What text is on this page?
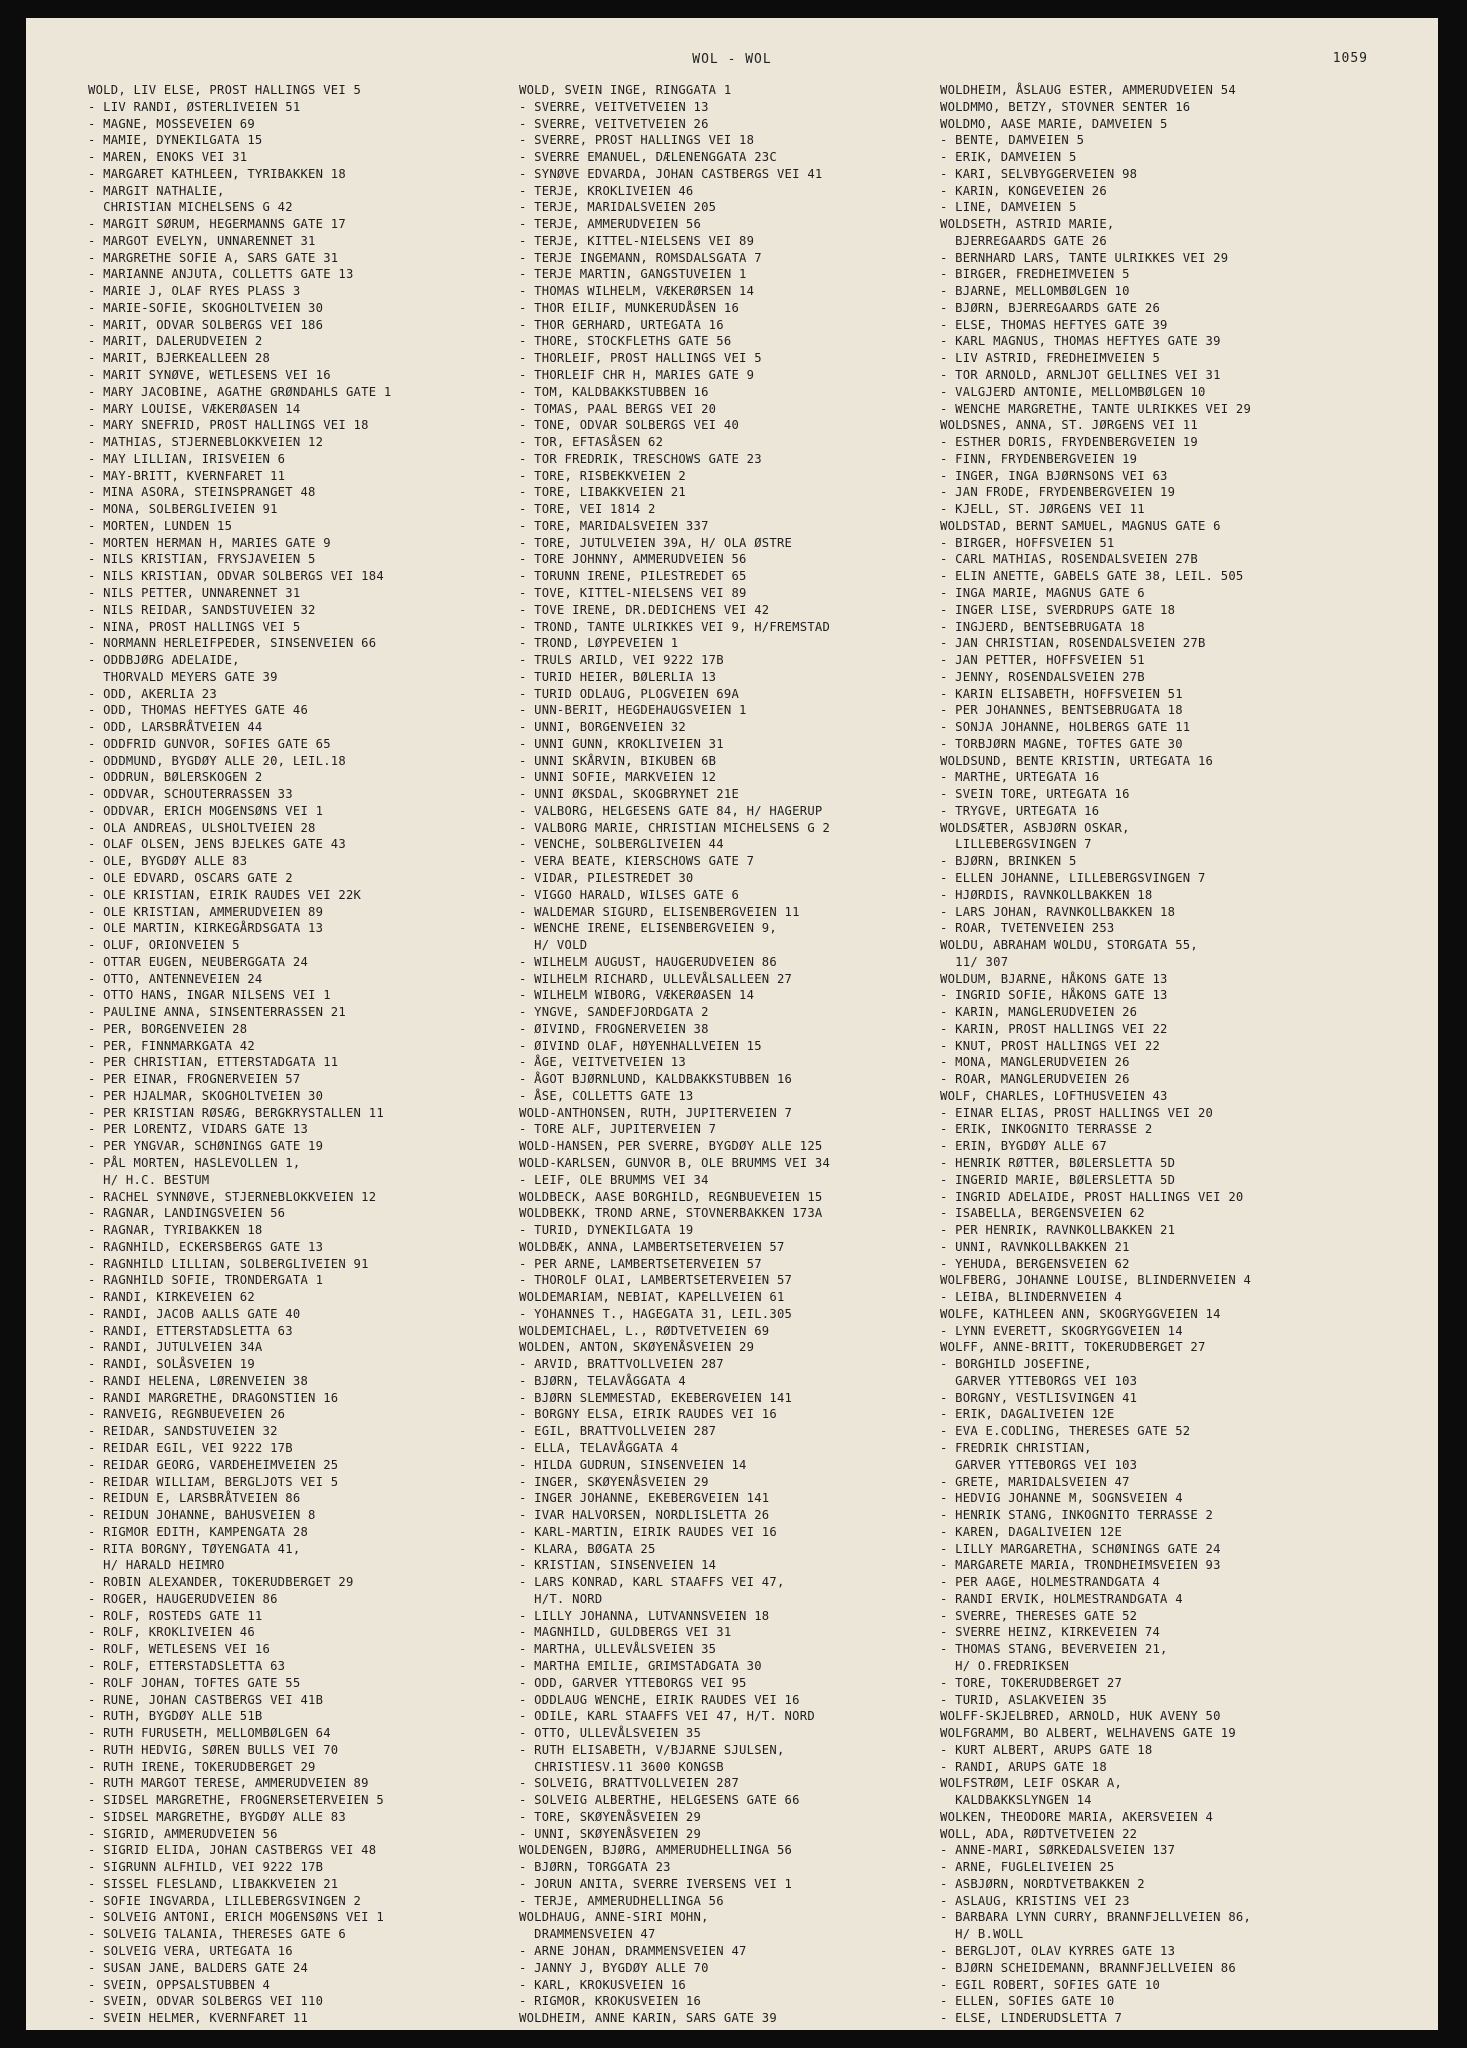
WOL - WOL	1059
WOLD, LIV ELSE, PROST HALLINGS VEI 5
- LIV RANDI, ØSTERLIVEIEN 51
- MAGNE, MOSSEVEIEN 69
- MAMIE, DYNEKILGATA 15
- MAREN, ENOKS VEI 31
- MARGARET KATHLEEN, TYRIBAKKEN 18
- MARGIT NATHALIE,
CHRISTIAN MICHELSENS G 42
- MARGIT SØRUM, HEGERMANNS GATE 17
- MARGOT EVELYN, UNNARENNET 31
- MARGRETHE SOFIE A, SARS GATE 31
- MARIANNE ANJUTA, COLLETTS GATE 13
- MARIE J, OLAF RYES PLASS 3
- MARIE-SOFIE, SKOGHOLTVEIEN 30
- MARIT, ODVAR SOLBERGS VEI 186
- MARIT, DALERUDVEIEN 2
- MARIT, BJERKEALLEEN 28
- MARIT SYNØVE, WETLESENS VEI 16
- MARY JACOBINE, AGATHE GRØNDAHLS GATE 1
- MARY LOUISE, VÆKERØASEN 14
- MARY SNEFRID, PROST HALLINGS VEI 18
- MATHIAS, STJERNEBLOKKVEIEN 12
- MAY LILLIAN, IRISVEIEN 6
- MAY-BRITT, KVERNFARET 11
- MINA ASORA, STEINSPRANGET 48
- MONA, SOLBERGLIVEIEN 91
- MORTEN, LUNDEN 15
- MORTEN HERMAN H, MARIES GATE 9
- NILS KRISTIAN, FRYSJAVEIEN 5
- NILS KRISTIAN, ODVAR SOLBERGS VEI 184
- NILS PETTER, UNNARENNET 31
- NILS REIDAR, SANDSTUVEIEN 32
- NINA, PROST HALLINGS VEI 5
- NORMANN HERLEIFPEDER, SINSENVEIEN 66
- ODDBJØRG ADELAIDE,
THORVALD MEYERS GATE 39
- ODD, AKERLIA 23
- ODD, THOMAS HEFTYES GATE 46
- ODD, LARSBRÅTVEIEN 44
- ODDFRID GUNVOR, SOFIES GATE 65
- ODDMUND, BYGDØY ALLE 20, LEIL.18
- ODDRUN, BØLERSKOGEN 2
- ODDVAR, SCHOUTERRASSEN 33
- ODDVAR, ERICH MOGENSØNS VEI 1
- OLA ANDREAS, ULSHOLTVEIEN 28
- OLAF OLSEN, JENS BJELKES GATE 43
- OLE, BYGDØY ALLE 83
- OLE EDVARD, OSCARS GATE 2
- OLE KRISTIAN, EIRIK RAUDES VEI 22K
- OLE KRISTIAN, AMMERUDVEIEN 89
- OLE MARTIN, KIRKEGÅRDSGATA 13
- OLUF, ORIONVEIEN 5
- OTTAR EUGEN, NEUBERGGATA 24
- OTTO, ANTENNEVEIEN 24
- OTTO HANS, INGAR NILSENS VEI 1
- PAULINE ANNA, SINSENTERRASSEN 21
- PER, BORGENVEIEN 28
- PER, FINNMARKGATA 42
- PER CHRISTIAN, ETTERSTADGATA 11
- PER EINAR, FROGNERVEIEN 57
- PER HJALMAR, SKOGHOLTVEIEN 30
- PER KRISTIAN RØSÆG, BERGKRYSTALLEN 11
- PER LORENTZ, VIDARS GATE 13
- PER YNGVAR, SCHØNINGS GATE 19
- PÅL MORTEN, HASLEVOLLEN 1,
H/ H.C. BESTUM
- RACHEL SYNNØVE, STJERNEBLOKKVEIEN 12
- RAGNAR, LANDINGSVEIEN 56
- RAGNAR, TYRIBAKKEN 18
- RAGNHILD, ECKERSBERGS GATE 13
- RAGNHILD LILLIAN, SOLBERGLIVEIEN 91
- RAGNHILD SOFIE, TRONDERGATA 1
- RANDI, KIRKEVEIEN 62
- RANDI, JACOB AALLS GATE 40
- RANDI, ETTERSTADSLETTA 63
- RANDI, JUTULVEIEN 34A
- RANDI, SOLÅSVEIEN 19
- RANDI HELENA, LØRENVEIEN 38
- RANDI MARGRETHE, DRAGONSTIEN 16
- RANVEIG, REGNBUEVEIEN 26
- REIDAR, SANDSTUVEIEN 32
- REIDAR EGIL, VEI 9222 17B
- REIDAR GEORG, VARDEHEIMVEIEN 25
- REIDAR WILLIAM, BERGLJOTS VEI 5
- REIDUN E, LARSBRÅTVEIEN 86
- REIDUN JOHANNE, BAHUSVEIEN 8
- RIGMOR EDITH, KAMPENGATA 28
- RITA BORGNY, TØYENGATA 41,
H/ HARALD HEIMRO
- ROBIN ALEXANDER, TOKERUDBERGET 29
- ROGER, HAUGERUDVEIEN 86
- ROLF, ROSTEDS GATE 11
- ROLF, KROKLIVEIEN 46
- ROLF, WETLESENS VEI 16
- ROLF, ETTERSTADSLETTA 63
- ROLF JOHAN, TOFTES GATE 55
- RUNE, JOHAN CASTBERGS VEI 41B
- RUTH, BYGDØY ALLE 51B
- RUTH FURUSETH, MELLOMBØLGEN 64
- RUTH HEDVIG, SØREN BULLS VEI 70
- RUTH IRENE, TOKERUDBERGET 29
- RUTH MARGOT TERESE, AMMERUDVEIEN 89
- SIDSEL MARGRETHE, FROGNERSETERVEIEN 5
- SIDSEL MARGRETHE, BYGDØY ALLE 83
- SIGRID, AMMERUDVEIEN 56
- SIGRID ELIDA, JOHAN CASTBERGS VEI 48
- SIGRUNN ALFHILD, VEI 9222 17B
- SISSEL FLESLAND, LIBAKKVEIEN 21
- SOFIE INGVARDA, LILLEBERGSVINGEN 2
- SOLVEIG ANTONI, ERICH MOGENSØNS VEI 1
- SOLVEIG TALANIA, THERESES GATE 6
- SOLVEIG VERA, URTEGATA 16
- SUSAN JANE, BALDERS GATE 24
- SVEIN, OPPSALSTUBBEN 4
- SVEIN, ODVAR SOLBERGS VEI 110
- SVEIN HELMER, KVERNFARET 11
WOLD, SVEIN INGE, RINGGATA 1
- SVERRE, VEITVETVEIEN 13
- SVERRE, VEITVETVEIEN 26
- SVERRE, PROST HALLINGS VEI 18
- SVERRE EMANUEL, DÆLENENGGATA 23C
- SYNØVE EDVARDA, JOHAN CASTBERGS VEI 41
- TERJE, KROKLIVEIEN 46
- TERJE, MARIDALSVEIEN 205
- TERJE, AMMERUDVEIEN 56
- TERJE, KITTEL-NIELSENS VEI 89
- TERJE INGEMANN, ROMSDALSGATA 7
- TERJE MARTIN, GANGSTUVEIEN 1
- THOMAS WILHELM, VÆKERØRSEN 14
- THOR EILIF, MUNKERUDÅSEN 16
- THOR GERHARD, URTEGATA 16
- THORE, STOCKFLETHS GATE 56
- THORLEIF, PROST HALLINGS VEI 5
- THORLEIF CHR H, MARIES GATE 9
- TOM, KALDBAKKSTUBBEN 16
- TOMAS, PAAL BERGS VEI 20
- TONE, ODVAR SOLBERGS VEI 40
- TOR, EFTASÅSEN 62
- TOR FREDRIK, TRESCHOWS GATE 23
- TORE, RISBEKKVEIEN 2
- TORE, LIBAKKVEIEN 21
- TORE, VEI 1814 2
- TORE, MARIDALSVEIEN 337
- TORE, JUTULVEIEN 39A, H/ OLA ØSTRE
- TORE JOHNNY, AMMERUDVEIEN 56
- TORUNN IRENE, PILESTREDET 65
- TOVE, KITTEL-NIELSENS VEI 89
- TOVE IRENE, DR.DEDICHENS VEI 42
- TROND, TANTE ULRIKKES VEI 9, H/FREMSTAD
- TROND, LØYPEVEIEN 1
- TRULS ARILD, VEI 9222 17B
- TURID HEIER, BØLERLIA 13
- TURID ODLAUG, PLOGVEIEN 69A
- UNN-BERIT, HEGDEHAUGSVEIEN 1
- UNNI, BORGENVEIEN 32
- UNNI GUNN, KROKLIVEIEN 31
- UNNI SKÅRVIN, BIKUBEN 6B
- UNNI SOFIE, MARKVEIEN 12
- UNNI ØKSDAL, SKOGBRYNET 21E
- VALBORG, HELGESENS GATE 84, H/ HAGERUP
- VALBORG MARIE, CHRISTIAN MICHELSENS G 2
- VENCHE, SOLBERGLIVEIEN 44
- VERA BEATE, KIERSCHOWS GATE 7
- VIDAR, PILESTREDET 30
- VIGGO HARALD, WILSES GATE 6
- WALDEMAR SIGURD, ELISENBERGVEIEN 11
- WENCHE IRENE, ELISENBERGVEIEN 9,
H/ VOLD
- WILHELM AUGUST, HAUGERUDVEIEN 86
- WILHELM RICHARD, ULLEVÅLSALLEEN 27
- WILHELM WIBORG, VÆKERØASEN 14
- YNGVE, SANDEFJORDGATA 2
- ØIVIND, FROGNERVEIEN 38
- ØIVIND OLAF, HØYENHALLVEIEN 15
- ÅGE, VEITVETVEIEN 13
- ÅGOT BJØRNLUND, KALDBAKKSTUBBEN 16
- ÅSE, COLLETTS GATE 13
WOLD-ANTHONSEN, RUTH, JUPITERVEIEN 7
- TORE ALF, JUPITERVEIEN 7
WOLD-HANSEN, PER SVERRE, BYGDØY ALLE 125
WOLD-KARLSEN, GUNVOR B, OLE BRUMMS VEI 34
- LEIF, OLE BRUMMS VEI 34
WOLDBECK, AASE BORGHILD, REGNBUEVEIEN 15
WOLDBEKK, TROND ARNE, STOVNERBAKKEN 173A
- TURID, DYNEKILGATA 19
WOLDBÆK, ANNA, LAMBERTSETERVEIEN 57
- PER ARNE, LAMBERTSETERVEIEN 57
- THOROLF OLAI, LAMBERTSETERVEIEN 57
WOLDEMARIAM, NEBIAT, KAPELLVEIEN 61
- YOHANNES T., HAGEGATA 31, LEIL.305
WOLDEMICHAEL, L., RØDTVETVEIEN 69
WOLDEN, ANTON, SKØYENÅSVEIEN 29
- ARVID, BRATTVOLLVEIEN 287
- BJØRN, TELAVÅGGATA 4
- BJØRN SLEMMESTAD, EKEBERGVEIEN 141
- BORGNY ELSA, EIRIK RAUDES VEI 16
- EGIL, BRATTVOLLVEIEN 287
- ELLA, TELAVÅGGATA 4
- HILDA GUDRUN, SINSENVEIEN 14
- INGER, SKØYENÅSVEIEN 29
- INGER JOHANNE, EKEBERGVEIEN 141
- IVAR HALVORSEN, NORDLISLETTA 26
- KARL-MARTIN, EIRIK RAUDES VEI 16
- KLARA, BØGATA 25
- KRISTIAN, SINSENVEIEN 14
- LARS KONRAD, KARL STAAFFS VEI 47,
H/T. NORD
- LILLY JOHANNA, LUTVANNSVEIEN 18
- MAGNHILD, GULDBERGS VEI 31
- MARTHA, ULLEVÅLSVEIEN 35
- MARTHA EMILIE, GRIMSTADGATA 30
- ODD, GARVER YTTEBORGS VEI 95
- ODDLAUG WENCHE, EIRIK RAUDES VEI 16
- ODILE, KARL STAAFFS VEI 47, H/T. NORD
- OTTO, ULLEVÅLSVEIEN 35
- RUTH ELISABETH, V/BJARNE SJULSEN,
CHRISTIESV.11 3600 KONGSB
- SOLVEIG, BRATTVOLLVEIEN 287
- SOLVEIG ALBERTHE, HELGESENS GATE 66
- TORE, SKØYENÅSVEIEN 29
- UNNI, SKØYENÅSVEIEN 29
WOLDENGEN, BJØRG, AMMERUDHELLINGA 56
- BJØRN, TORGGATA 23
- JORUN ANITA, SVERRE IVERSENS VEI 1
- TERJE, AMMERUDHELLINGA 56
WOLDHAUG, ANNE-SIRI MOHN,
DRAMMENSVEIEN 47
- ARNE JOHAN, DRAMMENSVEIEN 47
- JANNY J, BYGDØY ALLE 70
- KARL, KROKUSVEIEN 16
- RIGMOR, KROKUSVEIEN 16
WOLDHEIM, ANNE KARIN, SARS GATE 39
WOLDHEIM, ÅSLAUG ESTER, AMMERUDVEIEN 54
WOLDMMO, BETZY, STOVNER SENTER 16
WOLDMO, AASE MARIE, DAMVEIEN 5
- BENTE, DAMVEIEN 5
- ERIK, DAMVEIEN 5
- KARI, SELVBYGGERVEIEN 98
- KARIN, KONGEVEIEN 26
- LINE, DAMVEIEN 5
WOLDSETH, ASTRID MARIE,
BJERREGAARDS GATE 26
- BERNHARD LARS, TANTE ULRIKKES VEI 29
- BIRGER, FREDHEIMVEIEN 5
- BJARNE, MELLOMBØLGEN 10
- BJØRN, BJERREGAARDS GATE 26
- ELSE, THOMAS HEFTYES GATE 39
- KARL MAGNUS, THOMAS HEFTYES GATE 39
- LIV ASTRID, FREDHEIMVEIEN 5
- TOR ARNOLD, ARNLJOT GELLINES VEI 31
- VALGJERD ANTONIE, MELLOMBØLGEN 10
- WENCHE MARGRETHE, TANTE ULRIKKES VEI 29
WOLDSNES, ANNA, ST. JØRGENS VEI 11
- ESTHER DORIS, FRYDENBERGVEIEN 19
- FINN, FRYDENBERGVEIEN 19
- INGER, INGA BJØRNSONS VEI 63
- JAN FRODE, FRYDENBERGVEIEN 19
- KJELL, ST. JØRGENS VEI 11
WOLDSTAD, BERNT SAMUEL, MAGNUS GATE 6
- BIRGER, HOFFSVEIEN 51
- CARL MATHIAS, ROSENDALSVEIEN 27B
- ELIN ANETTE, GABELS GATE 38, LEIL. 505
- INGA MARIE, MAGNUS GATE 6
- INGER LISE, SVERDRUPS GATE 18
- INGJERD, BENTSEBRUGATA 18
- JAN CHRISTIAN, ROSENDALSVEIEN 27B
- JAN PETTER, HOFFSVEIEN 51
- JENNY, ROSENDALSVEIEN 27B
- KARIN ELISABETH, HOFFSVEIEN 51
- PER JOHANNES, BENTSEBRUGATA 18
- SONJA JOHANNE, HOLBERGS GATE 11
- TORBJØRN MAGNE, TOFTES GATE 30
WOLDSUND, BENTE KRISTIN, URTEGATA 16
- MARTHE, URTEGATA 16
- SVEIN TORE, URTEGATA 16
- TRYGVE, URTEGATA 16
WOLDSÆTER, ASBJØRN OSKAR,
LILLEBERGSVINGEN 7
- BJØRN, BRINKEN 5
- ELLEN JOHANNE, LILLEBERGSVINGEN 7
- HJØRDIS, RAVNKOLLBAKKEN 18
- LARS JOHAN, RAVNKOLLBAKKEN 18
- ROAR, TVETENVEIEN 253
WOLDU, ABRAHAM WOLDU, STORGATA 55,
11/ 307
WOLDUM, BJARNE, HÅKONS GATE 13
- INGRID SOFIE, HÅKONS GATE 13
- KARIN, MANGLERUDVEIEN 26
- KARIN, PROST HALLINGS VEI 22
- KNUT, PROST HALLINGS VEI 22
- MONA, MANGLERUDVEIEN 26
- ROAR, MANGLERUDVEIEN 26
WOLF, CHARLES, LOFTHUSVEIEN 43
- EINAR ELIAS, PROST HALLINGS VEI 20
- ERIK, INKOGNITO TERRASSE 2
- ERIN, BYGDØY ALLE 67
- HENRIK RØTTER, BØLERSLETTA 5D
- INGERID MARIE, BØLERSLETTA 5D
- INGRID ADELAIDE, PROST HALLINGS VEI 20
- ISABELLA, BERGENSVEIEN 62
- PER HENRIK, RAVNKOLLBAKKEN 21
- UNNI, RAVNKOLLBAKKEN 21
- YEHUDA, BERGENSVEIEN 62
WOLFBERG, JOHANNE LOUISE, BLINDERNVEIEN 4
- LEIBA, BLINDERNVEIEN 4
WOLFE, KATHLEEN ANN, SKOGRYGGVEIEN 14
- LYNN EVERETT, SKOGRYGGVEIEN 14
WOLFF, ANNE-BRITT, TOKERUDBERGET 27
- BORGHILD JOSEFINE,
GARVER YTTEBORGS VEI 103
- BORGNY, VESTLISVINGEN 41
- ERIK, DAGALIVEIEN 12E
- EVA E.CODLING, THERESES GATE 52
- FREDRIK CHRISTIAN,
GARVER YTTEBORGS VEI 103
- GRETE, MARIDALSVEIEN 47
- HEDVIG JOHANNE M, SOGNSVEIEN 4
- HENRIK STANG, INKOGNITO TERRASSE 2
- KAREN, DAGALIVEIEN 12E
- LILLY MARGARETHA, SCHØNINGS GATE 24
- MARGARETE MARIA, TRONDHEIMSVEIEN 93
- PER AAGE, HOLMESTRANDGATA 4
- RANDI ERVIK, HOLMESTRANDGATA 4
- SVERRE, THERESES GATE 52
- SVERRE HEINZ, KIRKEVEIEN 74
- THOMAS STANG, BEVERVEIEN 21,
H/ O.FREDRIKSEN
- TORE, TOKERUDBERGET 27
- TURID, ASLAKVEIEN 35
WOLFF-SKJELBRED, ARNOLD, HUK AVENY 50
WOLFGRAMM, BO ALBERT, WELHAVENS GATE 19
- KURT ALBERT, ARUPS GATE 18
- RANDI, ARUPS GATE 18
WOLFSTRØM, LEIF OSKAR A,
KALDBAKKSLYNGEN 14
WOLKEN, THEODORE MARIA, AKERSVEIEN 4
WOLL, ADA, RØDTVETVEIEN 22
- ANNE-MARI, SØRKEDALSVEIEN 137
- ARNE, FUGLELIVEIEN 25
- ASBJØRN, NORDTVETBAKKEN 2
- ASLAUG, KRISTINS VEI 23
- BARBARA LYNN CURRY, BRANNFJELLVEIEN 86,
H/ B.WOLL
- BERGLJOT, OLAV KYRRES GATE 13
- BJØRN SCHEIDEMANN, BRANNFJELLVEIEN 86
- EGIL ROBERT, SOFIES GATE 10
- ELLEN, SOFIES GATE 10
- ELSE, LINDERUDSLETTA 7
